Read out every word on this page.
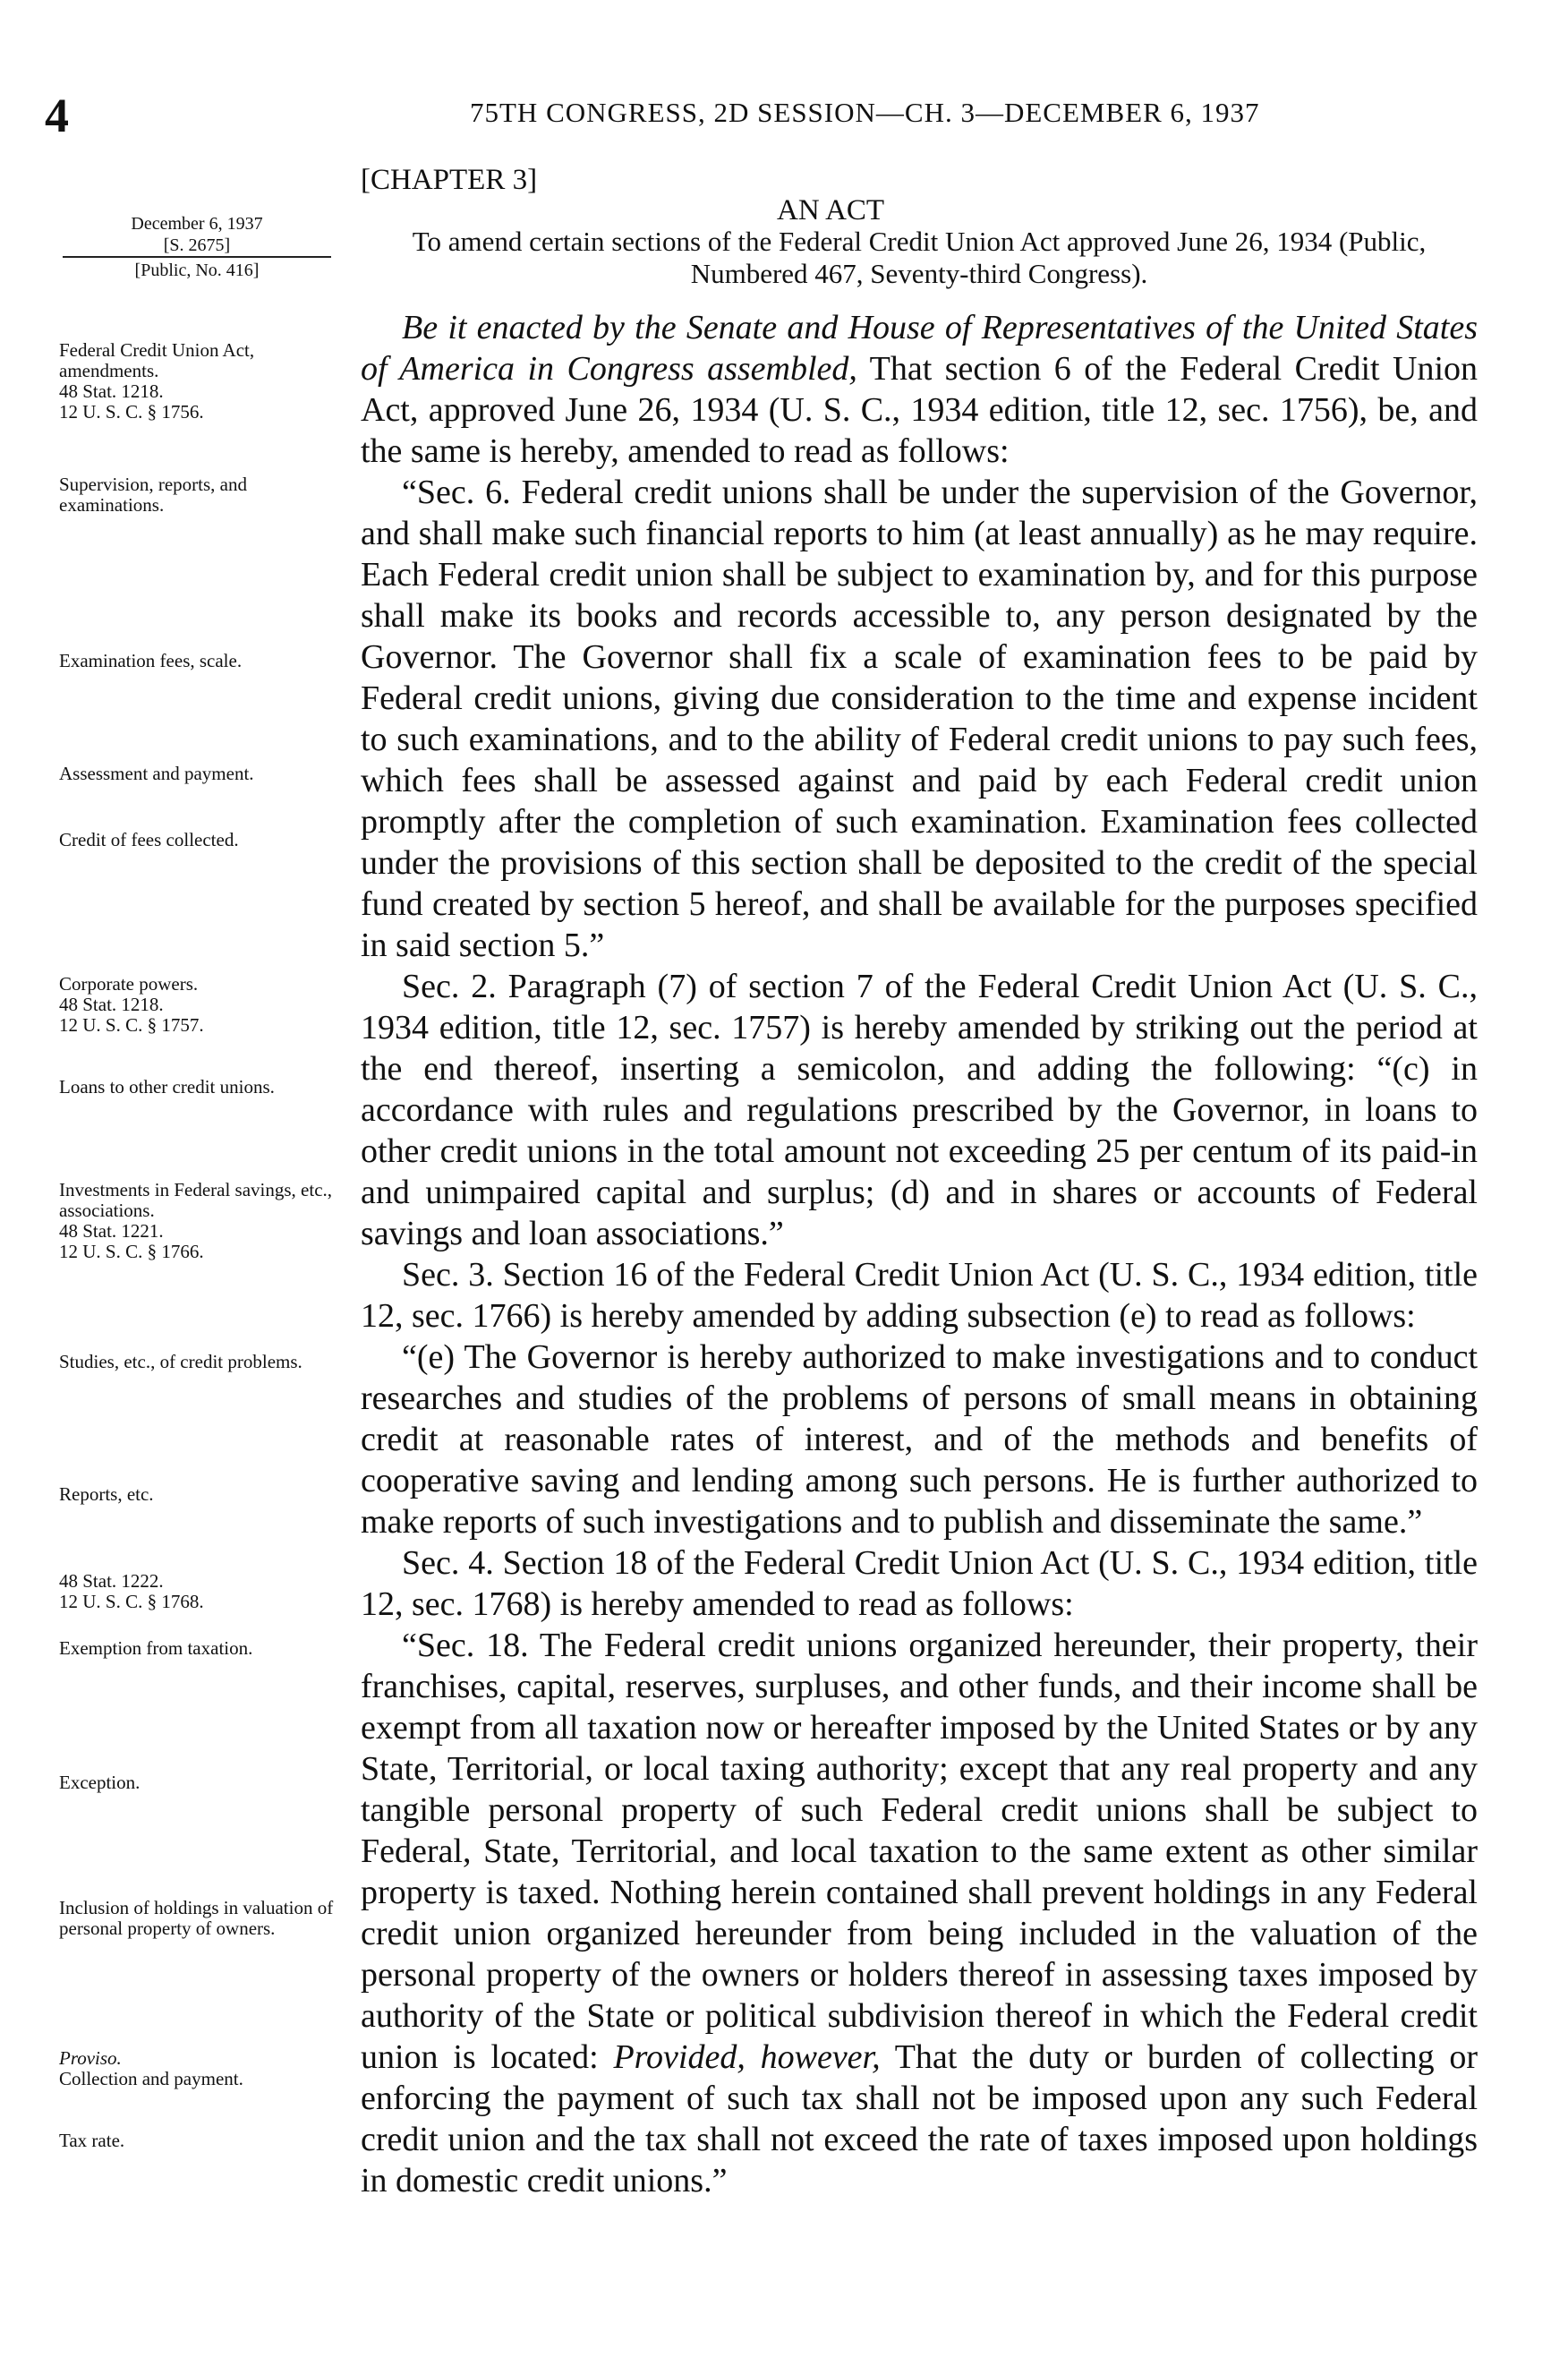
4	75TH CONGRESS, 2D SESSION—CH. 3—DECEMBER 6, 1937
[CHAPTER 3]
AN ACT
To amend certain sections of the Federal Credit Union Act approved June 26, 1934 (Public, Numbered 467, Seventy-third Congress).
December 6, 1937
[S. 2675]
[Public, No. 416]
Federal Credit Union Act, amendments.
48 Stat. 1218.
12 U. S. C. § 1756.
Supervision, reports, and examinations.
Examination fees, scale.
Assessment and payment.
Credit of fees collected.
Corporate powers.
48 Stat. 1218.
12 U. S. C. § 1757.
Loans to other credit unions.
Investments in Federal savings, etc., associations.
48 Stat. 1221.
12 U. S. C. § 1766.
Studies, etc., of credit problems.
Reports, etc.
48 Stat. 1222.
12 U. S. C. § 1768.
Exemption from taxation.
Exception.
Inclusion of holdings in valuation of personal property of owners.
Proviso.
Collection and payment.
Tax rate.

Be it enacted by the Senate and House of Representatives of the United States of America in Congress assembled, That section 6 of the Federal Credit Union Act, approved June 26, 1934 (U. S. C., 1934 edition, title 12, sec. 1756), be, and the same is hereby, amended to read as follows:

“Sec. 6. Federal credit unions shall be under the supervision of the Governor, and shall make such financial reports to him (at least annually) as he may require. Each Federal credit union shall be subject to examination by, and for this purpose shall make its books and records accessible to, any person designated by the Governor. The Governor shall fix a scale of examination fees to be paid by Federal credit unions, giving due consideration to the time and expense incident to such examinations, and to the ability of Federal credit unions to pay such fees, which fees shall be assessed against and paid by each Federal credit union promptly after the completion of such examination. Examination fees collected under the provisions of this section shall be deposited to the credit of the special fund created by section 5 hereof, and shall be available for the purposes specified in said section 5.”

Sec. 2. Paragraph (7) of section 7 of the Federal Credit Union Act (U. S. C., 1934 edition, title 12, sec. 1757) is hereby amended by striking out the period at the end thereof, inserting a semicolon, and adding the following: “(c) in accordance with rules and regulations prescribed by the Governor, in loans to other credit unions in the total amount not exceeding 25 per centum of its paid-in and unimpaired capital and surplus; (d) and in shares or accounts of Federal savings and loan associations.”

Sec. 3. Section 16 of the Federal Credit Union Act (U. S. C., 1934 edition, title 12, sec. 1766) is hereby amended by adding subsection (e) to read as follows:

“(e) The Governor is hereby authorized to make investigations and to conduct researches and studies of the problems of persons of small means in obtaining credit at reasonable rates of interest, and of the methods and benefits of cooperative saving and lending among such persons. He is further authorized to make reports of such investigations and to publish and disseminate the same.”

Sec. 4. Section 18 of the Federal Credit Union Act (U. S. C., 1934 edition, title 12, sec. 1768) is hereby amended to read as follows:

“Sec. 18. The Federal credit unions organized hereunder, their property, their franchises, capital, reserves, surpluses, and other funds, and their income shall be exempt from all taxation now or hereafter imposed by the United States or by any State, Territorial, or local taxing authority; except that any real property and any tangible personal property of such Federal credit unions shall be subject to Federal, State, Territorial, and local taxation to the same extent as other similar property is taxed. Nothing herein contained shall prevent holdings in any Federal credit union organized hereunder from being included in the valuation of the personal property of the owners or holders thereof in assessing taxes imposed by authority of the State or political subdivision thereof in which the Federal credit union is located: Provided, however, That the duty or burden of collecting or enforcing the payment of such tax shall not be imposed upon any such Federal credit union and the tax shall not exceed the rate of taxes imposed upon holdings in domestic credit unions.”
